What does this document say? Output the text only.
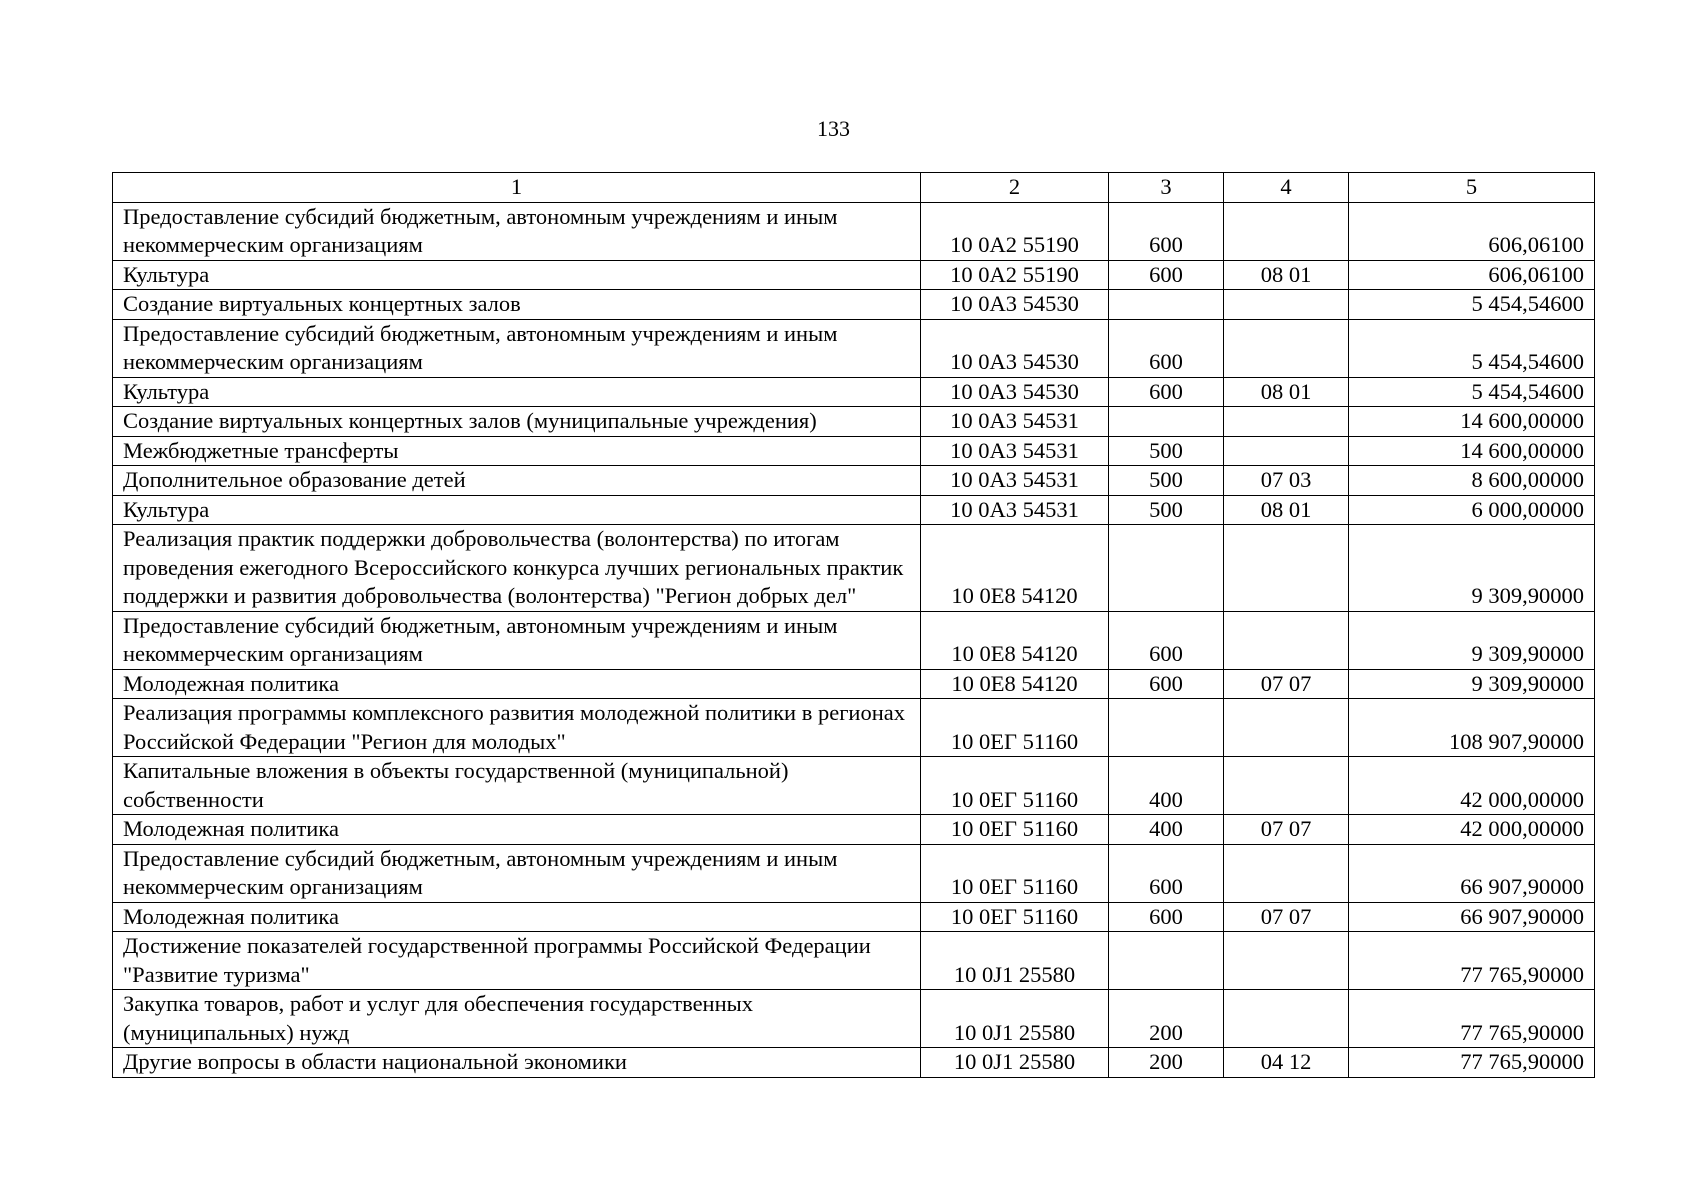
133
1	2	3	4	5
Предоставление субсидий бюджетным, автономным учреждениям и иным некоммерческим организациям	10 0А2 55190	600		606,06100
Культура	10 0А2 55190	600	08 01	606,06100
Создание виртуальных концертных залов	10 0А3 54530			5 454,54600
Предоставление субсидий бюджетным, автономным учреждениям и иным некоммерческим организациям	10 0А3 54530	600		5 454,54600
Культура	10 0А3 54530	600	08 01	5 454,54600
Создание виртуальных концертных залов (муниципальные учреждения)	10 0А3 54531			14 600,00000
Межбюджетные трансферты	10 0А3 54531	500		14 600,00000
Дополнительное образование детей	10 0А3 54531	500	07 03	8 600,00000
Культура	10 0А3 54531	500	08 01	6 000,00000
Реализация практик поддержки добровольчества (волонтерства) по итогам проведения ежегодного Всероссийского конкурса лучших региональных практик поддержки и развития добровольчества (волонтерства) "Регион добрых дел"	10 0Е8 54120			9 309,90000
Предоставление субсидий бюджетным, автономным учреждениям и иным некоммерческим организациям	10 0Е8 54120	600		9 309,90000
Молодежная политика	10 0Е8 54120	600	07 07	9 309,90000
Реализация программы комплексного развития молодежной политики в регионах Российской Федерации "Регион для молодых"	10 0ЕГ 51160			108 907,90000
Капитальные вложения в объекты государственной (муниципальной) собственности	10 0ЕГ 51160	400		42 000,00000
Молодежная политика	10 0ЕГ 51160	400	07 07	42 000,00000
Предоставление субсидий бюджетным, автономным учреждениям и иным некоммерческим организациям	10 0ЕГ 51160	600		66 907,90000
Молодежная политика	10 0ЕГ 51160	600	07 07	66 907,90000
Достижение показателей государственной программы Российской Федерации "Развитие туризма"	10 0J1 25580			77 765,90000
Закупка товаров, работ и услуг для обеспечения государственных (муниципальных) нужд	10 0J1 25580	200		77 765,90000
Другие вопросы в области национальной экономики	10 0J1 25580	200	04 12	77 765,90000
